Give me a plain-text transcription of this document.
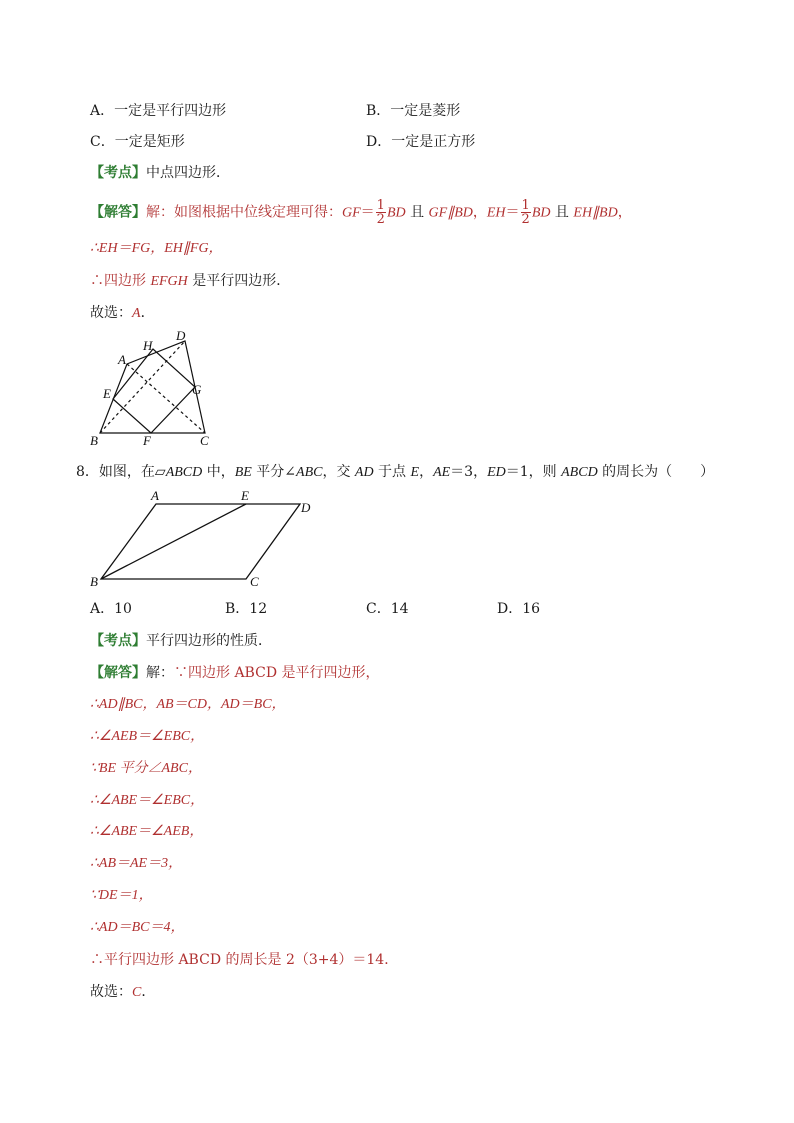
A．一定是平行四边形	B．一定是菱形
C．一定是矩形	D．一定是正方形
【考点】中点四边形．
【解答】解：如图根据中位线定理可得：$GF= \frac{1}{2}$ BD 且 GF∥BD，$EH= \frac{1}{2}$ BD 且 EH∥BD，
∴EH＝FG，EH∥FG，
∴四边形 EFGH 是平行四边形．
故选：A．
A
H
D
E	G
B	F	C
8．如图，在▱ABCD 中，BE 平分∠ABC，交 AD 于点 E，AE＝3，ED＝1，则 ABCD 的周长为（　　）
A	E
D
B	C
A．10	B．12	C．14	D．16
【考点】平行四边形的性质．
【解答】解：∵四边形 ABCD 是平行四边形，
∴AD∥BC，AB＝CD，AD＝BC，
∴∠AEB＝∠EBC，
∵BE 平分∠ABC，
∴∠ABE＝∠EBC，
∴∠ABE＝∠AEB，
∴AB＝AE＝3，
∵DE＝1，
∴AD＝BC＝4，
∴平行四边形 ABCD 的周长是 2（3+4）＝14．
故选：C．
